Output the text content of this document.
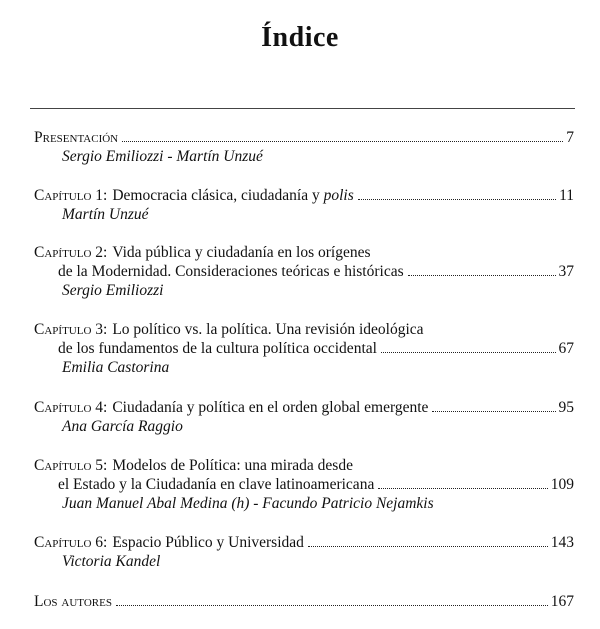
Índice
Presentación	7
Sergio Emiliozzi - Martín Unzué
Capítulo 1: Democracia clásica, ciudadanía y polis	11
Martín Unzué
Capítulo 2: Vida pública y ciudadanía en los orígenes
de la Modernidad. Consideraciones teóricas e históricas	37
Sergio Emiliozzi
Capítulo 3: Lo político vs. la política. Una revisión ideológica
de los fundamentos de la cultura política occidental	67
Emilia Castorina
Capítulo 4: Ciudadanía y política en el orden global emergente	95
Ana García Raggio
Capítulo 5: Modelos de Política: una mirada desde
el Estado y la Ciudadanía en clave latinoamericana	109
Juan Manuel Abal Medina (h) - Facundo Patricio Nejamkis
Capítulo 6: Espacio Público y Universidad	143
Victoria Kandel
Los autores	167
